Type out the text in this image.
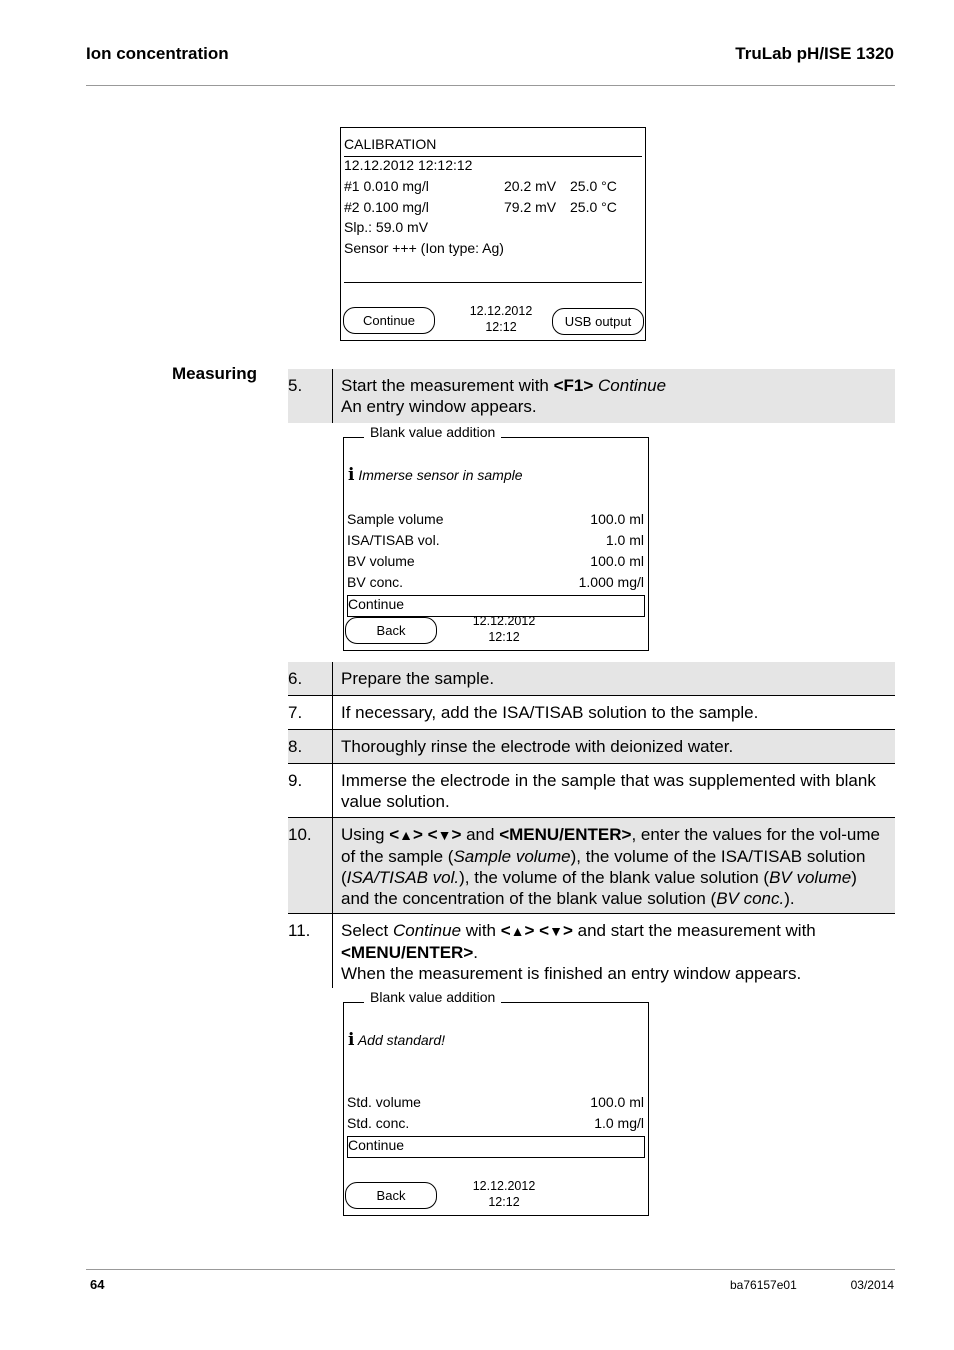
Ion concentration	TruLab pH/ISE 1320
CALIBRATION
12.12.2012 12:12:12
#1 0.010 mg/l	20.2 mV 25.0 °C
#2 0.100 mg/l	79.2 mV 25.0 °C
Slp.: 59.0 mV
Sensor +++ (Ion type: Ag)
Continue
12.12.2012
12:12	USB output
Measuring
5. Start the measurement with <F1> Continue
An entry window appears.
Blank value addition
i Immerse sensor in sample
Sample volume	100.0 ml
ISA/TISAB vol.	1.0 ml
BV volume	100.0 ml
BV conc.	1.000 mg/l
Continue
Back
12.12.2012
12:12
6. Prepare the sample.
7. If necessary, add the ISA/TISAB solution to the sample.
8. Thoroughly rinse the electrode with deionized water.
9. Immerse the electrode in the sample that was supplemented with blank value solution.
10. Using <▲> <▼> and <MENU/ENTER>, enter the values for the vol-ume of the sample (Sample volume), the volume of the ISA/TISAB solution (ISA/TISAB vol.), the volume of the blank value solution (BV volume) and the concentration of the blank value solution (BV conc.).
11. Select Continue with <▲> <▼> and start the measurement with <MENU/ENTER>.
When the measurement is finished an entry window appears.
Blank value addition
i Add standard!
Std. volume	100.0 ml
Std. conc.	1.0 mg/l
Continue
Back
12.12.2012
12:12
64	ba76157e01	03/2014
